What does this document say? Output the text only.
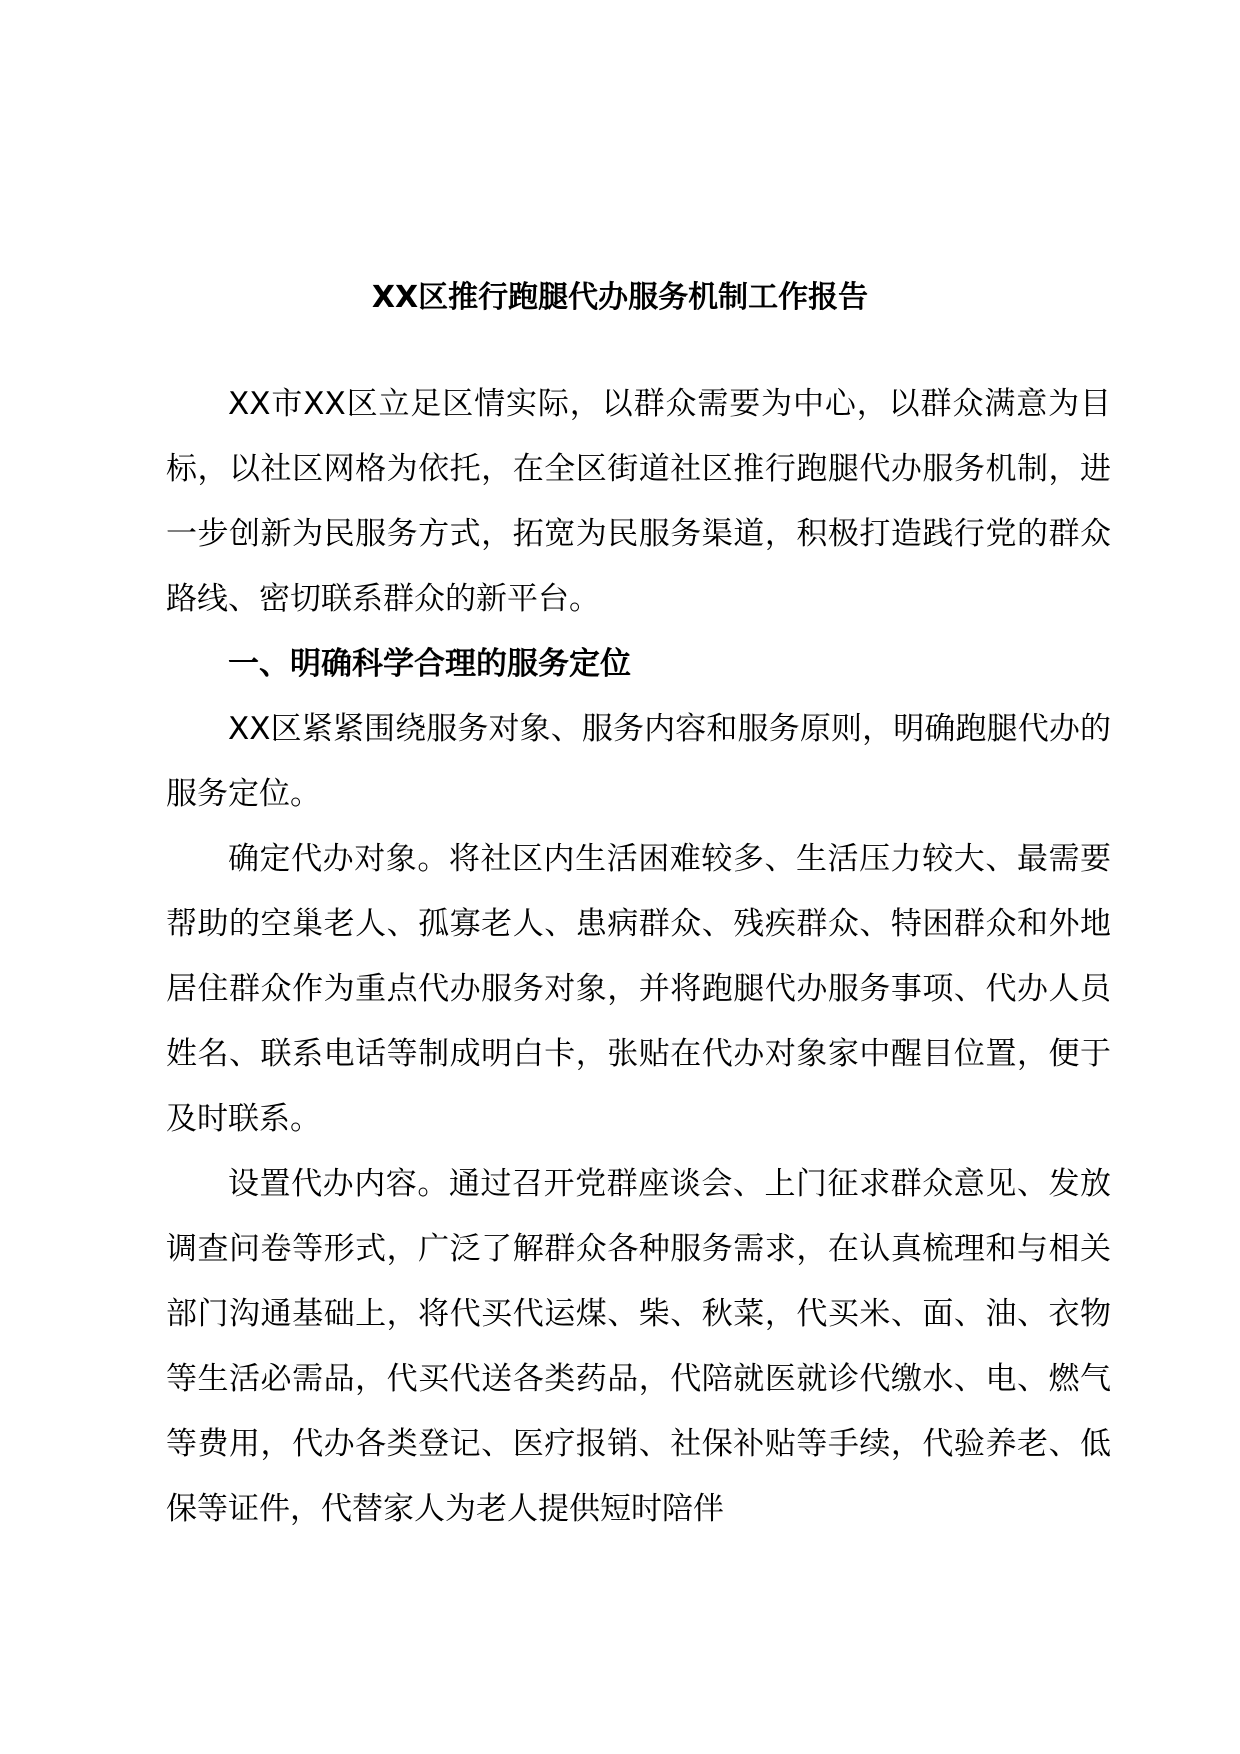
XX区推行跑腿代办服务机制工作报告

XX市XX区立足区情实际，以群众需要为中心，以群众满意为目标，以社区网格为依托，在全区街道社区推行跑腿代办服务机制，进一步创新为民服务方式，拓宽为民服务渠道，积极打造践行党的群众路线、密切联系群众的新平台。

一、明确科学合理的服务定位

XX区紧紧围绕服务对象、服务内容和服务原则，明确跑腿代办的服务定位。

确定代办对象。将社区内生活困难较多、生活压力较大、最需要帮助的空巢老人、孤寡老人、患病群众、残疾群众、特困群众和外地居住群众作为重点代办服务对象，并将跑腿代办服务事项、代办人员姓名、联系电话等制成明白卡，张贴在代办对象家中醒目位置，便于及时联系。

设置代办内容。通过召开党群座谈会、上门征求群众意见、发放调查问卷等形式，广泛了解群众各种服务需求，在认真梳理和与相关部门沟通基础上，将代买代运煤、柴、秋菜，代买米、面、油、衣物等生活必需品，代买代送各类药品，代陪就医就诊代缴水、电、燃气等费用，代办各类登记、医疗报销、社保补贴等手续，代验养老、低保等证件，代替家人为老人提供短时陪伴
